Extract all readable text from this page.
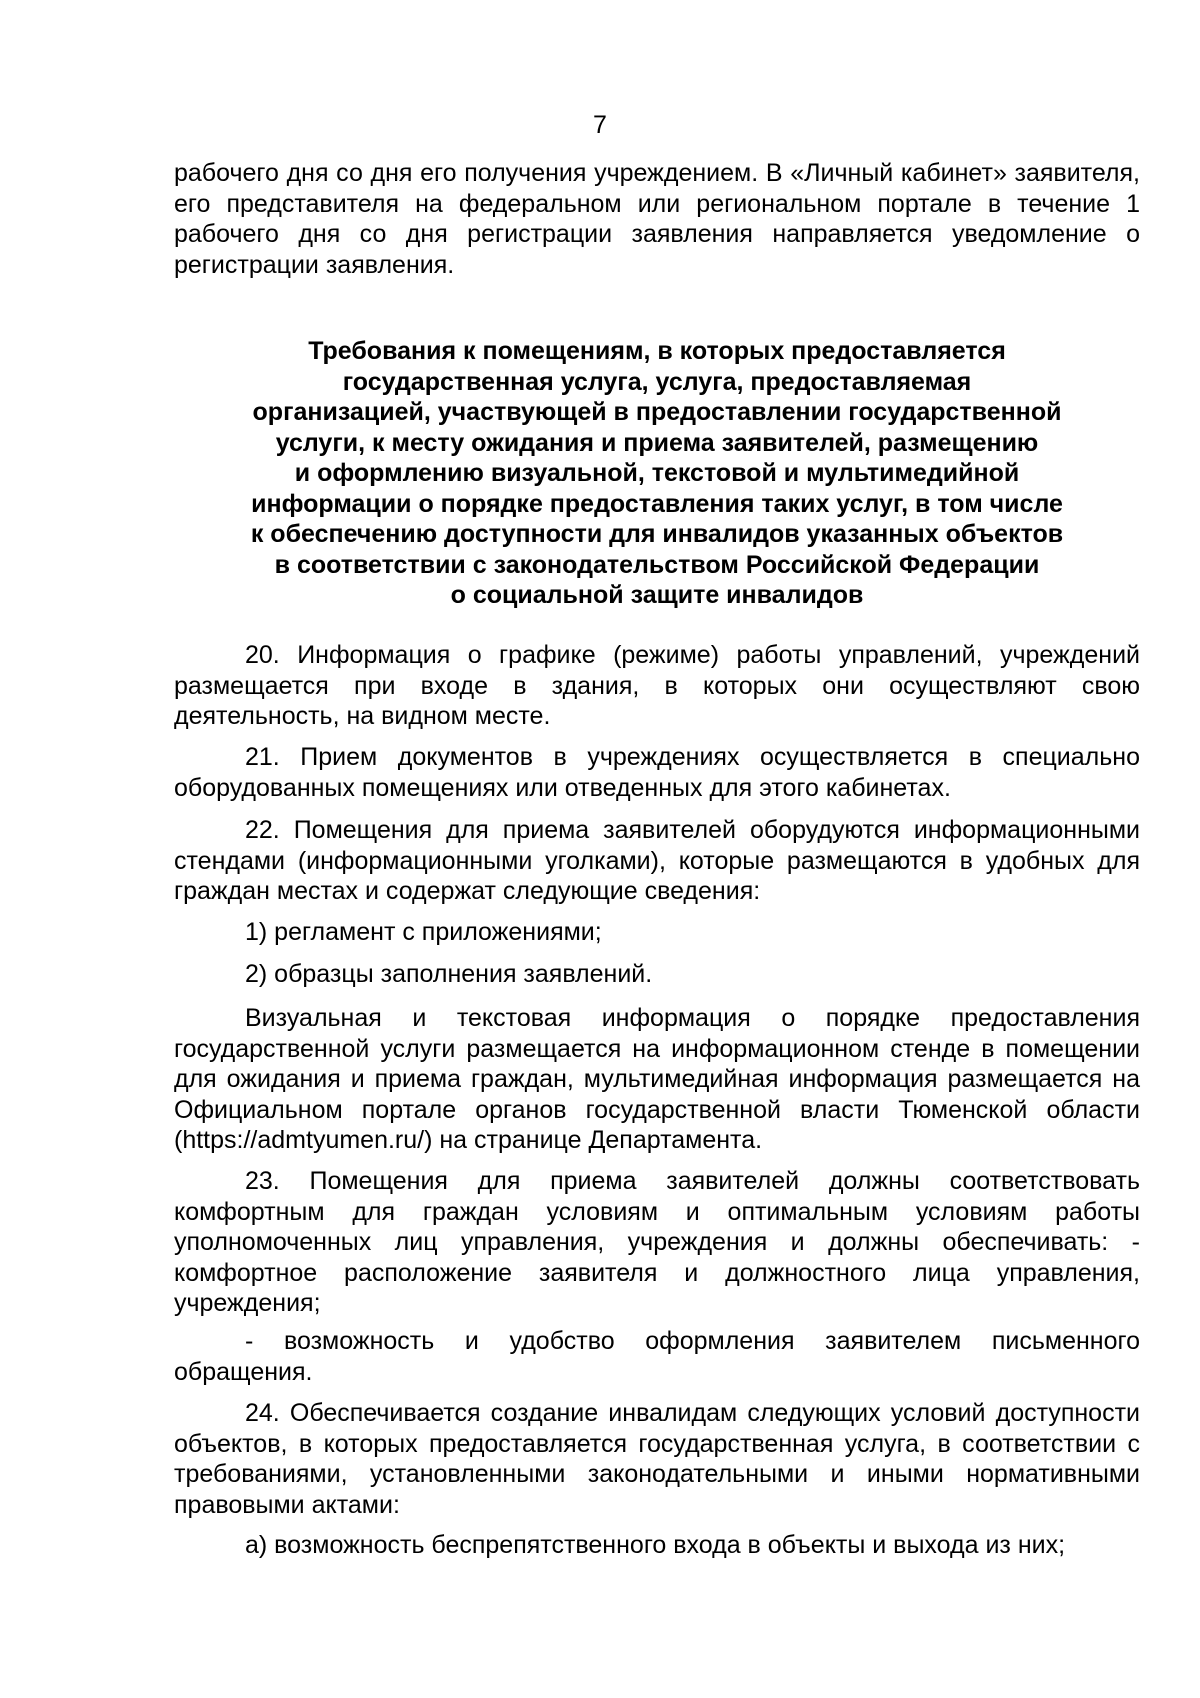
7

рабочего дня со дня его получения учреждением. В «Личный кабинет» заявителя, его представителя на федеральном или региональном портале в течение 1 рабочего дня со дня регистрации заявления направляется уведомление о регистрации заявления.

Требования к помещениям, в которых предоставляется
государственная услуга, услуга, предоставляемая
организацией, участвующей в предоставлении государственной
услуги, к месту ожидания и приема заявителей, размещению
и оформлению визуальной, текстовой и мультимедийной
информации о порядке предоставления таких услуг, в том числе
к обеспечению доступности для инвалидов указанных объектов
в соответствии с законодательством Российской Федерации
о социальной защите инвалидов

20. Информация о графике (режиме) работы управлений, учреждений размещается при входе в здания, в которых они осуществляют свою деятельность, на видном месте.

21. Прием документов в учреждениях осуществляется в специально оборудованных помещениях или отведенных для этого кабинетах.

22. Помещения для приема заявителей оборудуются информационными стендами (информационными уголками), которые размещаются в удобных для граждан местах и содержат следующие сведения:

1) регламент с приложениями;

2) образцы заполнения заявлений.

Визуальная и текстовая информация о порядке предоставления государственной услуги размещается на информационном стенде в помещении для ожидания и приема граждан, мультимедийная информация размещается на Официальном портале органов государственной власти Тюменской области (https://admtyumen.ru/) на странице Департамента.

23. Помещения для приема заявителей должны соответствовать комфортным для граждан условиям и оптимальным условиям работы уполномоченных лиц управления, учреждения и должны обеспечивать: - комфортное расположение заявителя и должностного лица управления, учреждения;

- возможность и удобство оформления заявителем письменного обращения.

24. Обеспечивается создание инвалидам следующих условий доступности объектов, в которых предоставляется государственная услуга, в соответствии с требованиями, установленными законодательными и иными нормативными правовыми актами:

а) возможность беспрепятственного входа в объекты и выхода из них;
